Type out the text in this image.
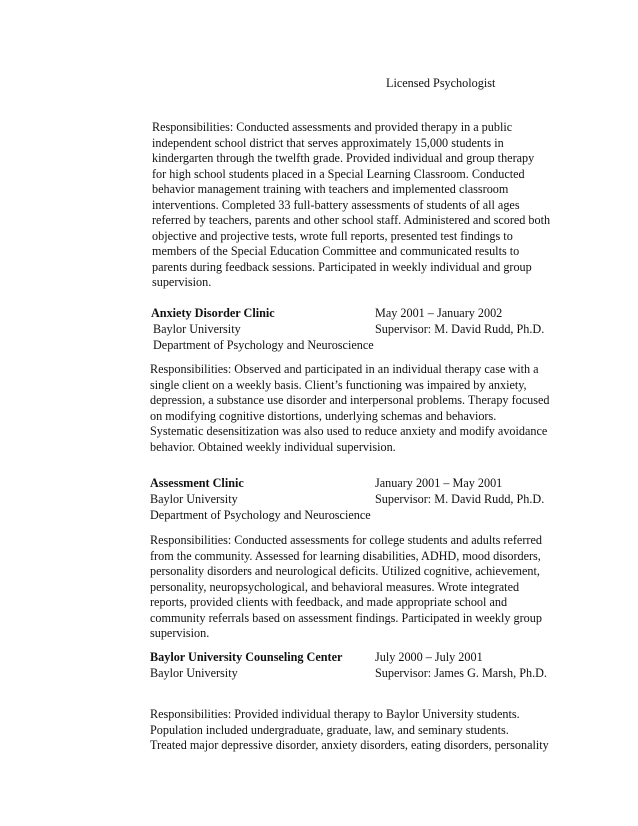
Licensed Psychologist
Responsibilities: Conducted assessments and provided therapy in a public
independent school district that serves approximately 15,000 students in
kindergarten through the twelfth grade. Provided individual and group therapy
for high school students placed in a Special Learning Classroom. Conducted
behavior management training with teachers and implemented classroom
interventions. Completed 33 full-battery assessments of students of all ages
referred by teachers, parents and other school staff. Administered and scored both
objective and projective tests, wrote full reports, presented test findings to
members of the Special Education Committee and communicated results to
parents during feedback sessions. Participated in weekly individual and group
supervision.
Anxiety Disorder Clinic	May 2001 – January 2002
Baylor University	Supervisor: M. David Rudd, Ph.D.
Department of Psychology and Neuroscience
Responsibilities: Observed and participated in an individual therapy case with a
single client on a weekly basis. Client’s functioning was impaired by anxiety,
depression, a substance use disorder and interpersonal problems. Therapy focused
on modifying cognitive distortions, underlying schemas and behaviors.
Systematic desensitization was also used to reduce anxiety and modify avoidance
behavior. Obtained weekly individual supervision.
Assessment Clinic	January 2001 – May 2001
Baylor University	Supervisor: M. David Rudd, Ph.D.
Department of Psychology and Neuroscience
Responsibilities: Conducted assessments for college students and adults referred
from the community. Assessed for learning disabilities, ADHD, mood disorders,
personality disorders and neurological deficits. Utilized cognitive, achievement,
personality, neuropsychological, and behavioral measures. Wrote integrated
reports, provided clients with feedback, and made appropriate school and
community referrals based on assessment findings. Participated in weekly group
supervision.
Baylor University Counseling Center	July 2000 – July 2001
Baylor University	Supervisor: James G. Marsh, Ph.D.
Responsibilities: Provided individual therapy to Baylor University students.
Population included undergraduate, graduate, law, and seminary students.
Treated major depressive disorder, anxiety disorders, eating disorders, personality
